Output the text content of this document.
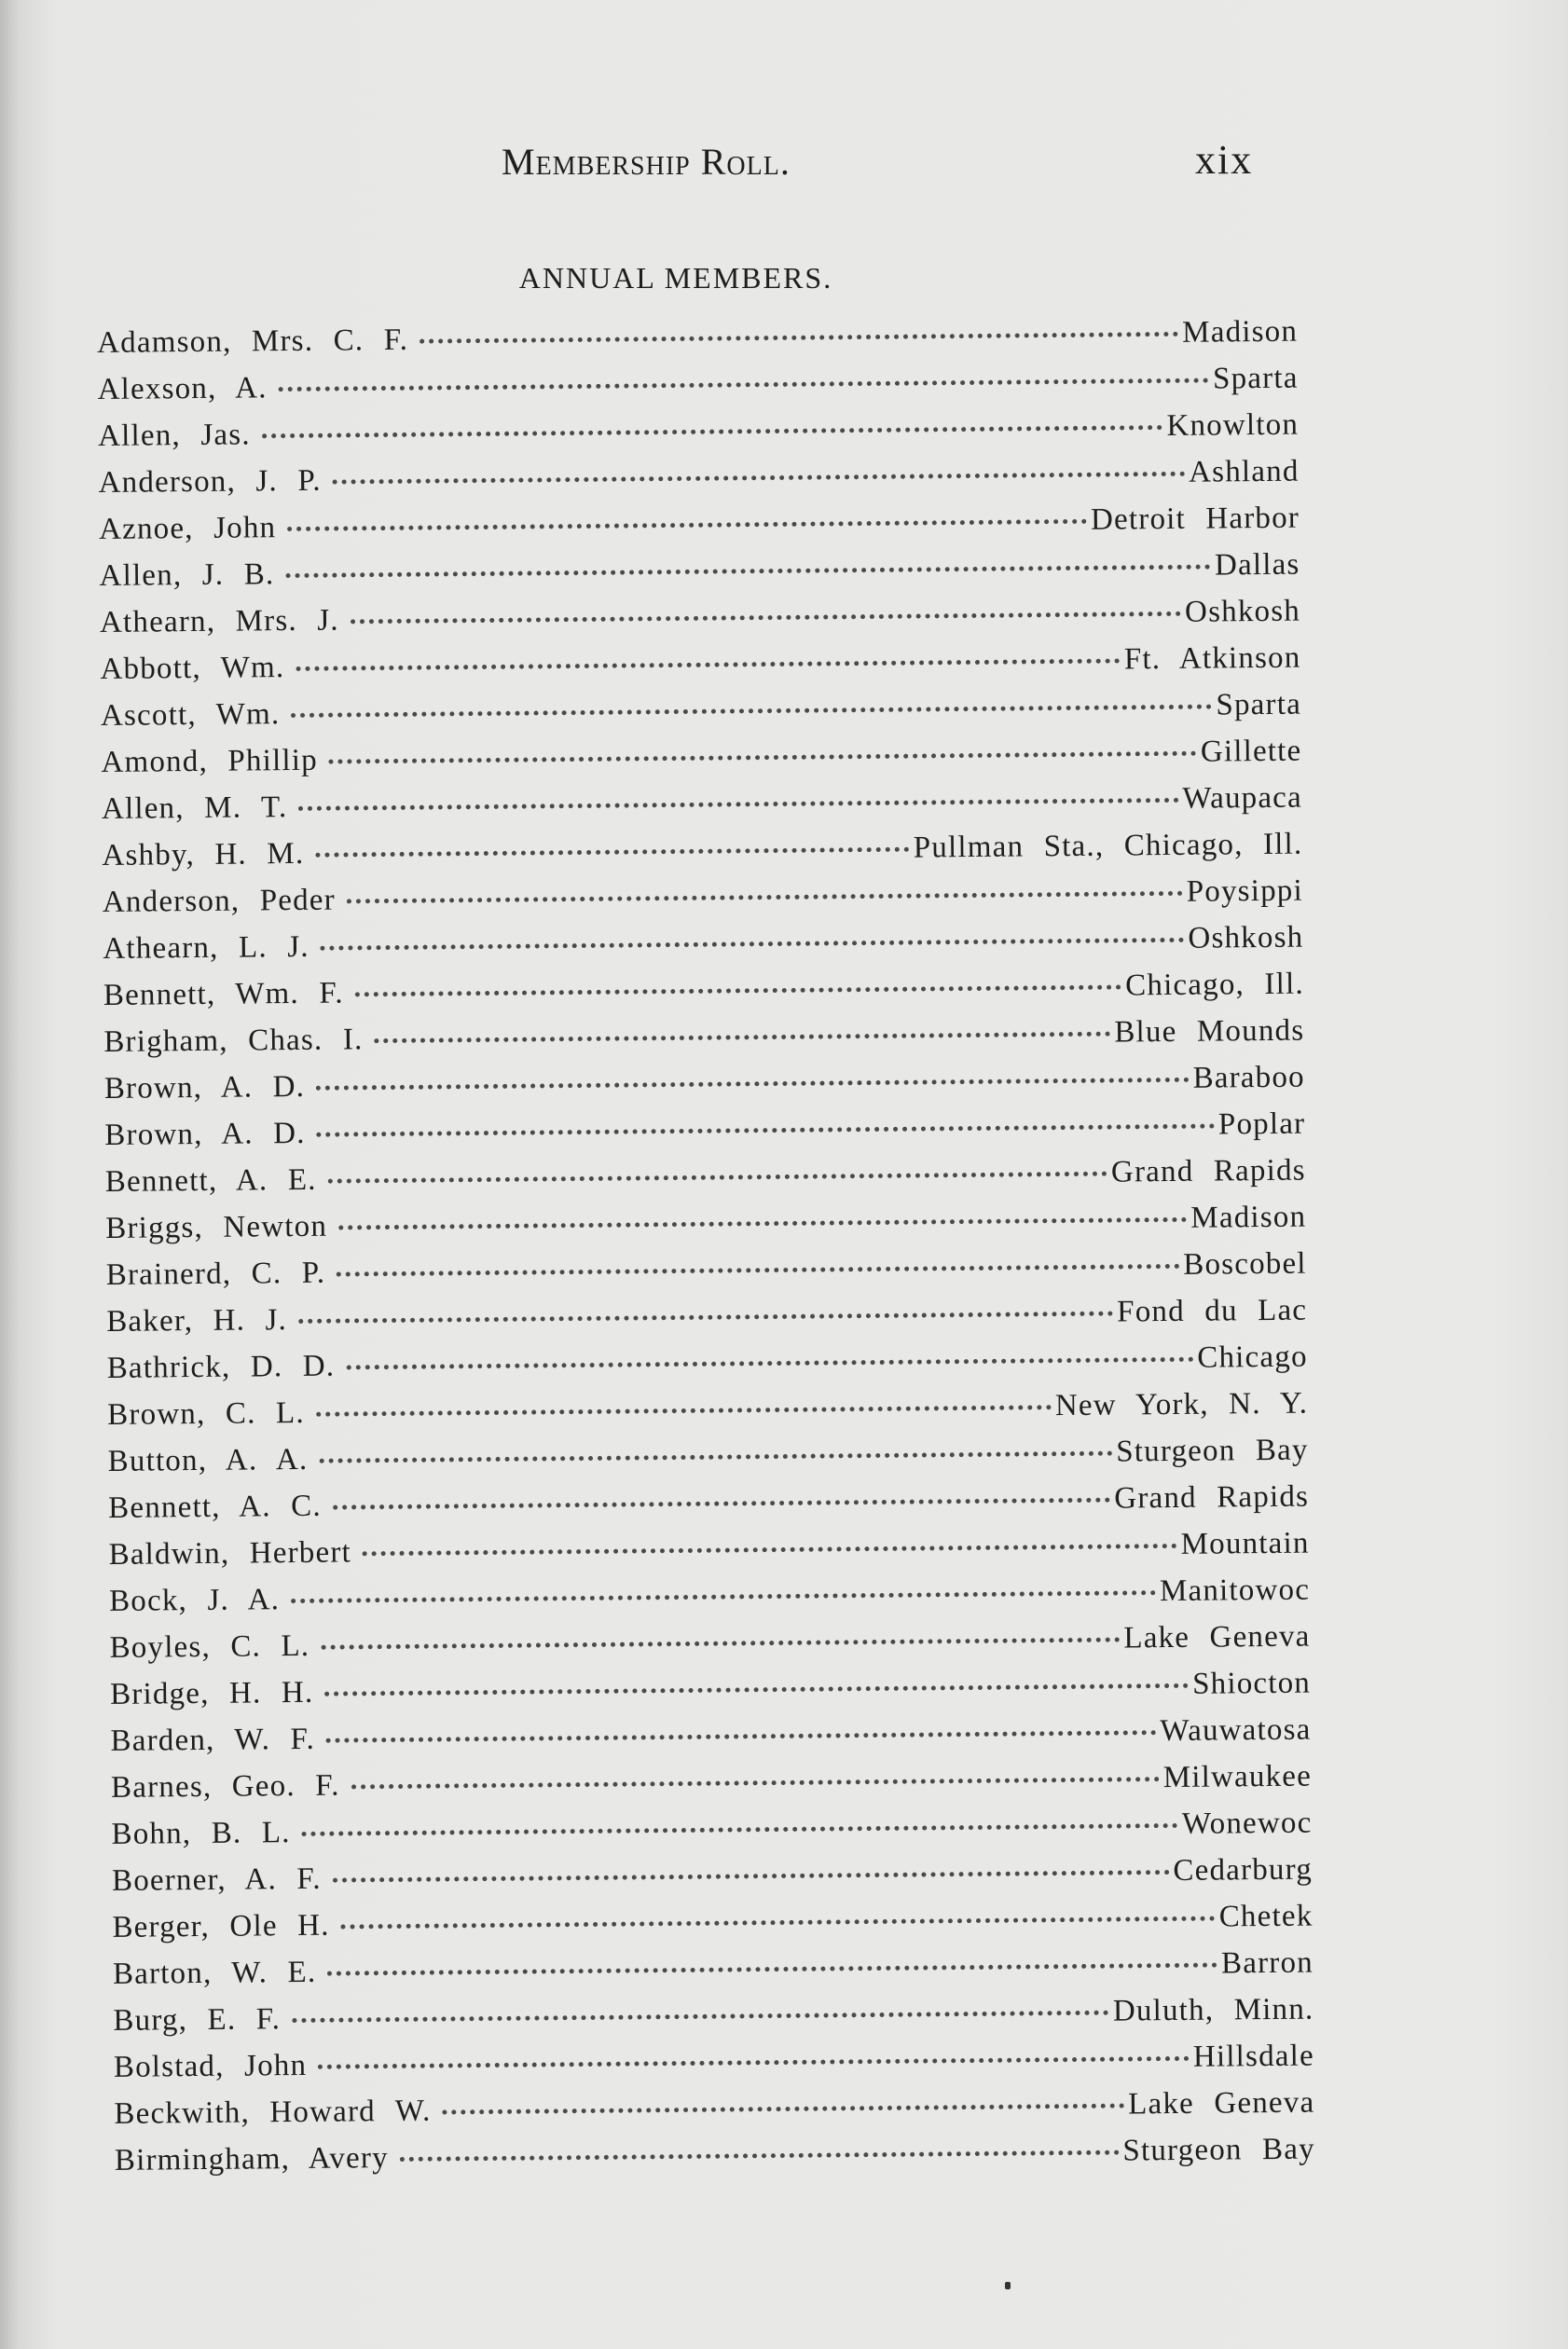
Membership Roll.	xix
ANNUAL MEMBERS.
Adamson, Mrs. C. F.	Madison
Alexson, A.	Sparta
Allen, Jas.	Knowlton
Anderson, J. P.	Ashland
Aznoe, John	Detroit Harbor
Allen, J. B.	Dallas
Athearn, Mrs. J.	Oshkosh
Abbott, Wm.	Ft. Atkinson
Ascott, Wm.	Sparta
Amond, Phillip	Gillette
Allen, M. T.	Waupaca
Ashby, H. M.	Pullman Sta., Chicago, Ill.
Anderson, Peder	Poysippi
Athearn, L. J.	Oshkosh
Bennett, Wm. F.	Chicago, Ill.
Brigham, Chas. I.	Blue Mounds
Brown, A. D.	Baraboo
Brown, A. D.	Poplar
Bennett, A. E.	Grand Rapids
Briggs, Newton	Madison
Brainerd, C. P.	Boscobel
Baker, H. J.	Fond du Lac
Bathrick, D. D.	Chicago
Brown, C. L.	New York, N. Y.
Button, A. A.	Sturgeon Bay
Bennett, A. C.	Grand Rapids
Baldwin, Herbert	Mountain
Bock, J. A.	Manitowoc
Boyles, C. L.	Lake Geneva
Bridge, H. H.	Shiocton
Barden, W. F.	Wauwatosa
Barnes, Geo. F.	Milwaukee
Bohn, B. L.	Wonewoc
Boerner, A. F.	Cedarburg
Berger, Ole H.	Chetek
Barton, W. E.	Barron
Burg, E. F.	Duluth, Minn.
Bolstad, John	Hillsdale
Beckwith, Howard W.	Lake Geneva
Birmingham, Avery	Sturgeon Bay
